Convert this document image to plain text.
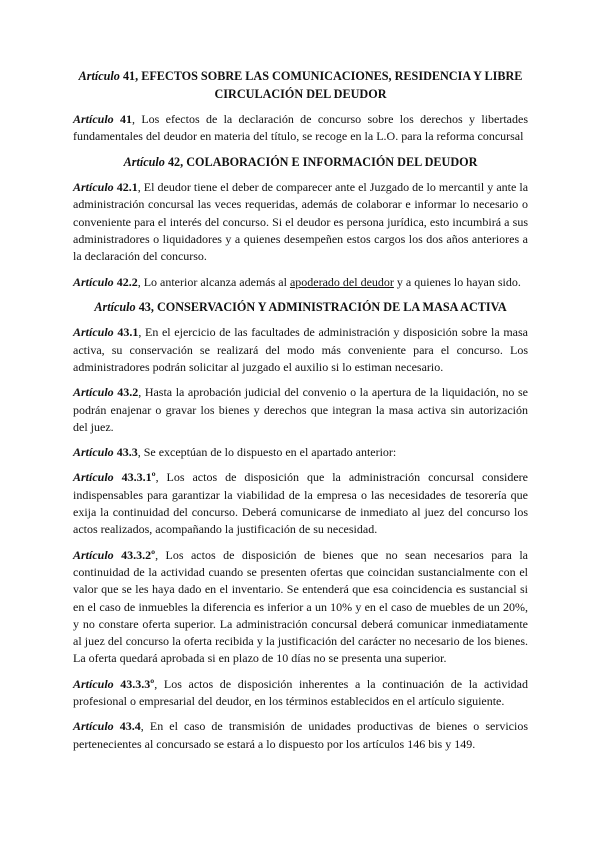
Artículo 41, EFECTOS SOBRE LAS COMUNICACIONES, RESIDENCIA Y LIBRE CIRCULACIÓN DEL DEUDOR

Artículo 41, Los efectos de la declaración de concurso sobre los derechos y libertades fundamentales del deudor en materia del título, se recoge en la L.O. para la reforma concursal

Artículo 42, COLABORACIÓN E INFORMACIÓN DEL DEUDOR

Artículo 42.1, El deudor tiene el deber de comparecer ante el Juzgado de lo mercantil y ante la administración concursal las veces requeridas, además de colaborar e informar lo necesario o conveniente para el interés del concurso. Si el deudor es persona jurídica, esto incumbirá a sus administradores o liquidadores y a quienes desempeñen estos cargos los dos años anteriores a la declaración del concurso.

Artículo 42.2, Lo anterior alcanza además al apoderado del deudor y a quienes lo hayan sido.

Artículo 43, CONSERVACIÓN Y ADMINISTRACIÓN DE LA MASA ACTIVA

Artículo 43.1, En el ejercicio de las facultades de administración y disposición sobre la masa activa, su conservación se realizará del modo más conveniente para el concurso. Los administradores podrán solicitar al juzgado el auxilio si lo estiman necesario.

Artículo 43.2, Hasta la aprobación judicial del convenio o la apertura de la liquidación, no se podrán enajenar o gravar los bienes y derechos que integran la masa activa sin autorización del juez.

Artículo 43.3, Se exceptúan de lo dispuesto en el apartado anterior:

Artículo 43.3.1º, Los actos de disposición que la administración concursal considere indispensables para garantizar la viabilidad de la empresa o las necesidades de tesorería que exija la continuidad del concurso. Deberá comunicarse de inmediato al juez del concurso los actos realizados, acompañando la justificación de su necesidad.

Artículo 43.3.2º, Los actos de disposición de bienes que no sean necesarios para la continuidad de la actividad cuando se presenten ofertas que coincidan sustancialmente con el valor que se les haya dado en el inventario. Se entenderá que esa coincidencia es sustancial si en el caso de inmuebles la diferencia es inferior a un 10% y en el caso de muebles de un 20%, y no constare oferta superior. La administración concursal deberá comunicar inmediatamente al juez del concurso la oferta recibida y la justificación del carácter no necesario de los bienes. La oferta quedará aprobada si en plazo de 10 días no se presenta una superior.

Artículo 43.3.3º, Los actos de disposición inherentes a la continuación de la actividad profesional o empresarial del deudor, en los términos establecidos en el artículo siguiente.

Artículo 43.4, En el caso de transmisión de unidades productivas de bienes o servicios pertenecientes al concursado se estará a lo dispuesto por los artículos 146 bis y 149.
